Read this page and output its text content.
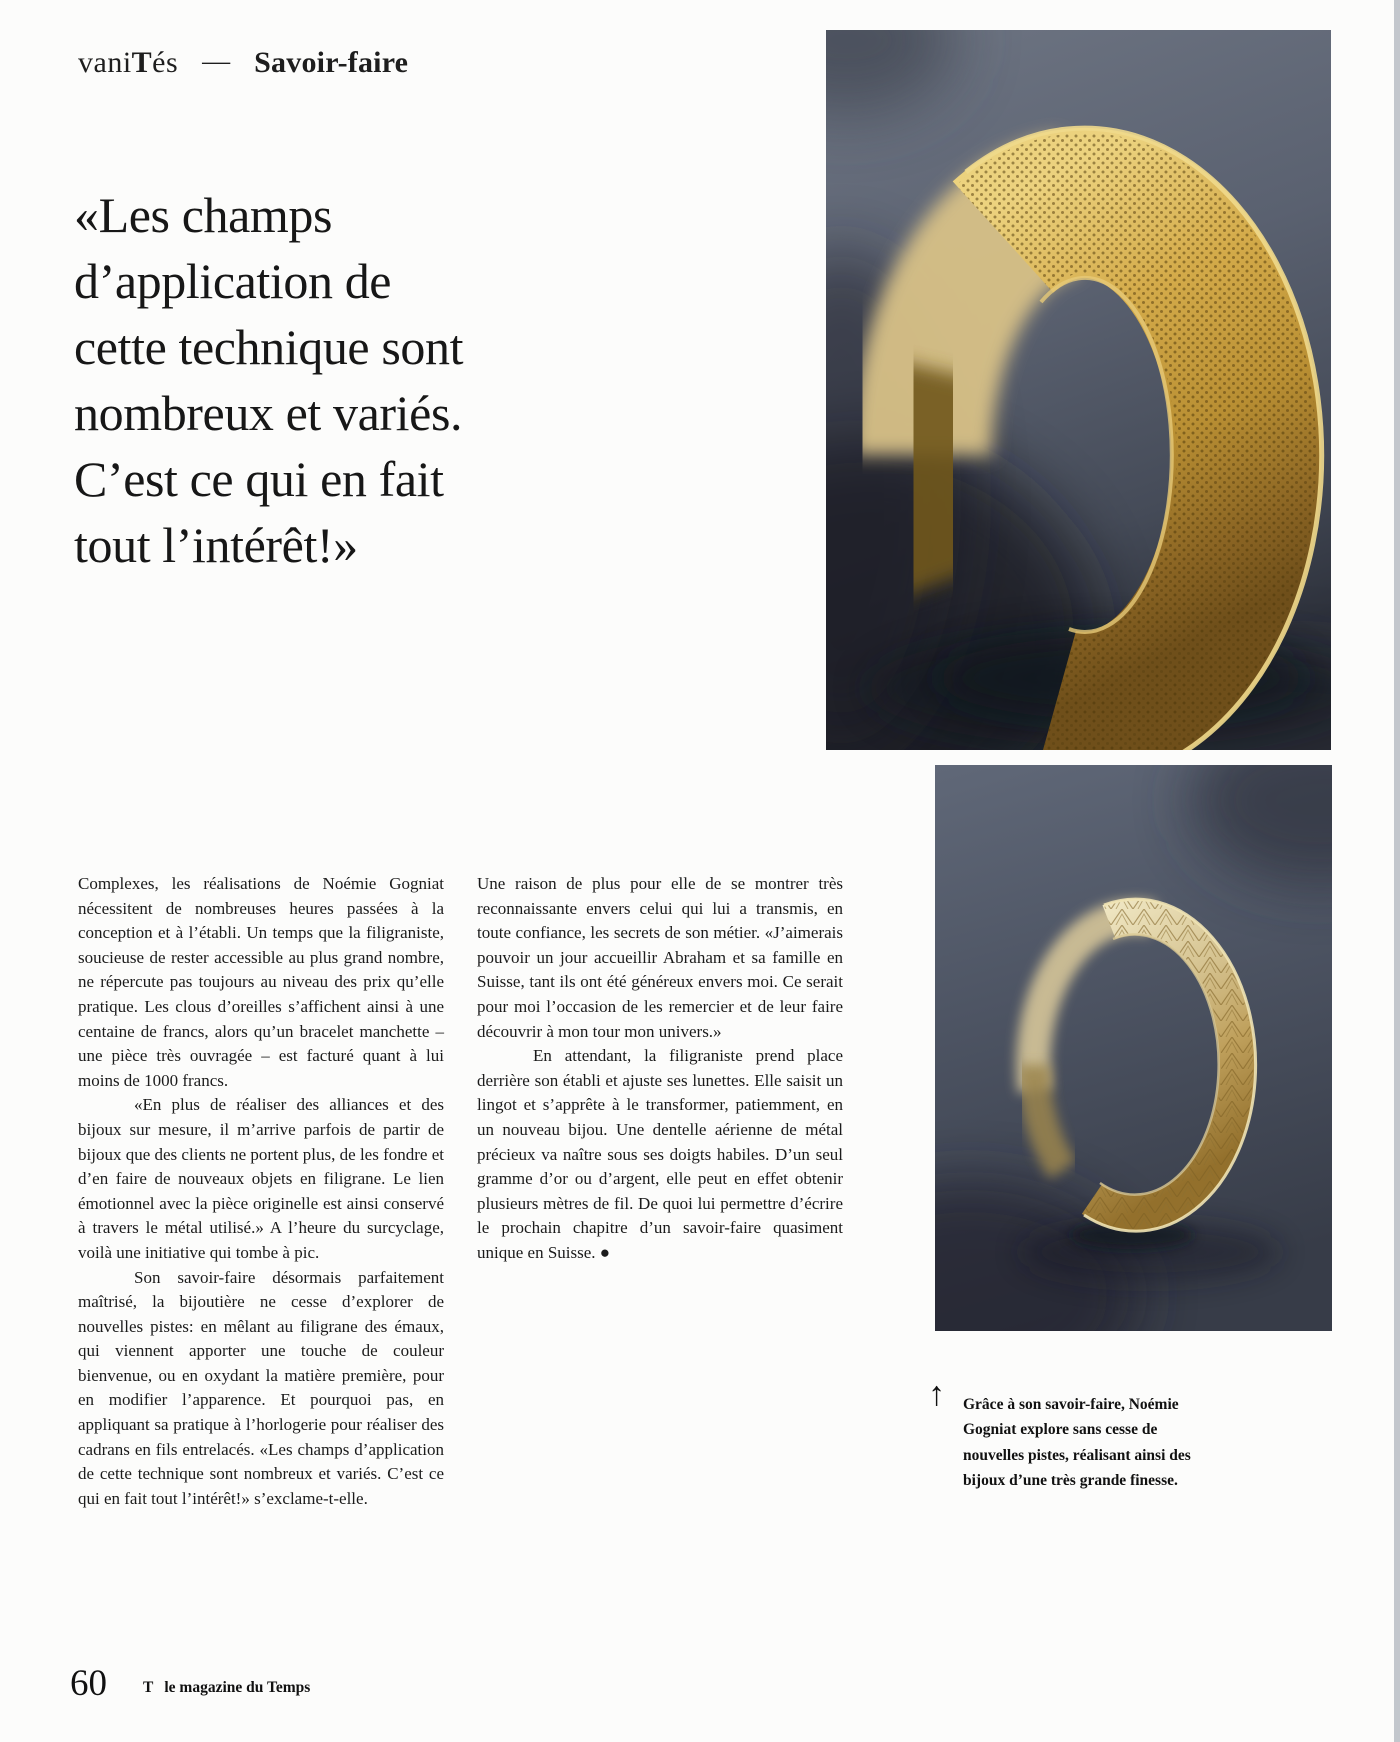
vaniTés — Savoir-faire
«Les champs
d’application de
cette technique sont
nombreux et variés.
C’est ce qui en fait
tout l’intérêt!»
Complexes, les réalisations de Noémie Gogniat nécessitent de nombreuses heures passées à la conception et à l’établi. Un temps que la filigraniste, soucieuse de rester accessible au plus grand nombre, ne répercute pas toujours au niveau des prix qu’elle pratique. Les clous d’oreilles s’affichent ainsi à une centaine de francs, alors qu’un bracelet manchette – une pièce très ouvragée – est facturé quant à lui moins de 1000 francs.
«En plus de réaliser des alliances et des bijoux sur mesure, il m’arrive parfois de partir de bijoux que des clients ne portent plus, de les fondre et d’en faire de nouveaux objets en filigrane. Le lien émotionnel avec la pièce originelle est ainsi conservé à travers le métal utilisé.» A l’heure du surcyclage, voilà une initiative qui tombe à pic.
Son savoir-faire désormais parfaitement maîtrisé, la bijoutière ne cesse d’explorer de nouvelles pistes: en mêlant au filigrane des émaux, qui viennent apporter une touche de couleur bienvenue, ou en oxydant la matière première, pour en modifier l’apparence. Et pourquoi pas, en appliquant sa pratique à l’horlogerie pour réaliser des cadrans en fils entrelacés. «Les champs d’application de cette technique sont nombreux et variés. C’est ce qui en fait tout l’intérêt!» s’exclame-t-elle.
Une raison de plus pour elle de se montrer très reconnaissante envers celui qui lui a transmis, en toute confiance, les secrets de son métier. «J’aimerais pouvoir un jour accueillir Abraham et sa famille en Suisse, tant ils ont été généreux envers moi. Ce serait pour moi l’occasion de les remercier et de leur faire découvrir à mon tour mon univers.»
En attendant, la filigraniste prend place derrière son établi et ajuste ses lunettes. Elle saisit un lingot et s’apprête à le transformer, patiemment, en un nouveau bijou. Une dentelle aérienne de métal précieux va naître sous ses doigts habiles. D’un seul gramme d’or ou d’argent, elle peut en effet obtenir plusieurs mètres de fil. De quoi lui permettre d’écrire le prochain chapitre d’un savoir-faire quasiment unique en Suisse. ●
↑ Grâce à son savoir-faire, Noémie Gogniat explore sans cesse de nouvelles pistes, réalisant ainsi des bijoux d’une très grande finesse.
60 T le magazine du Temps
